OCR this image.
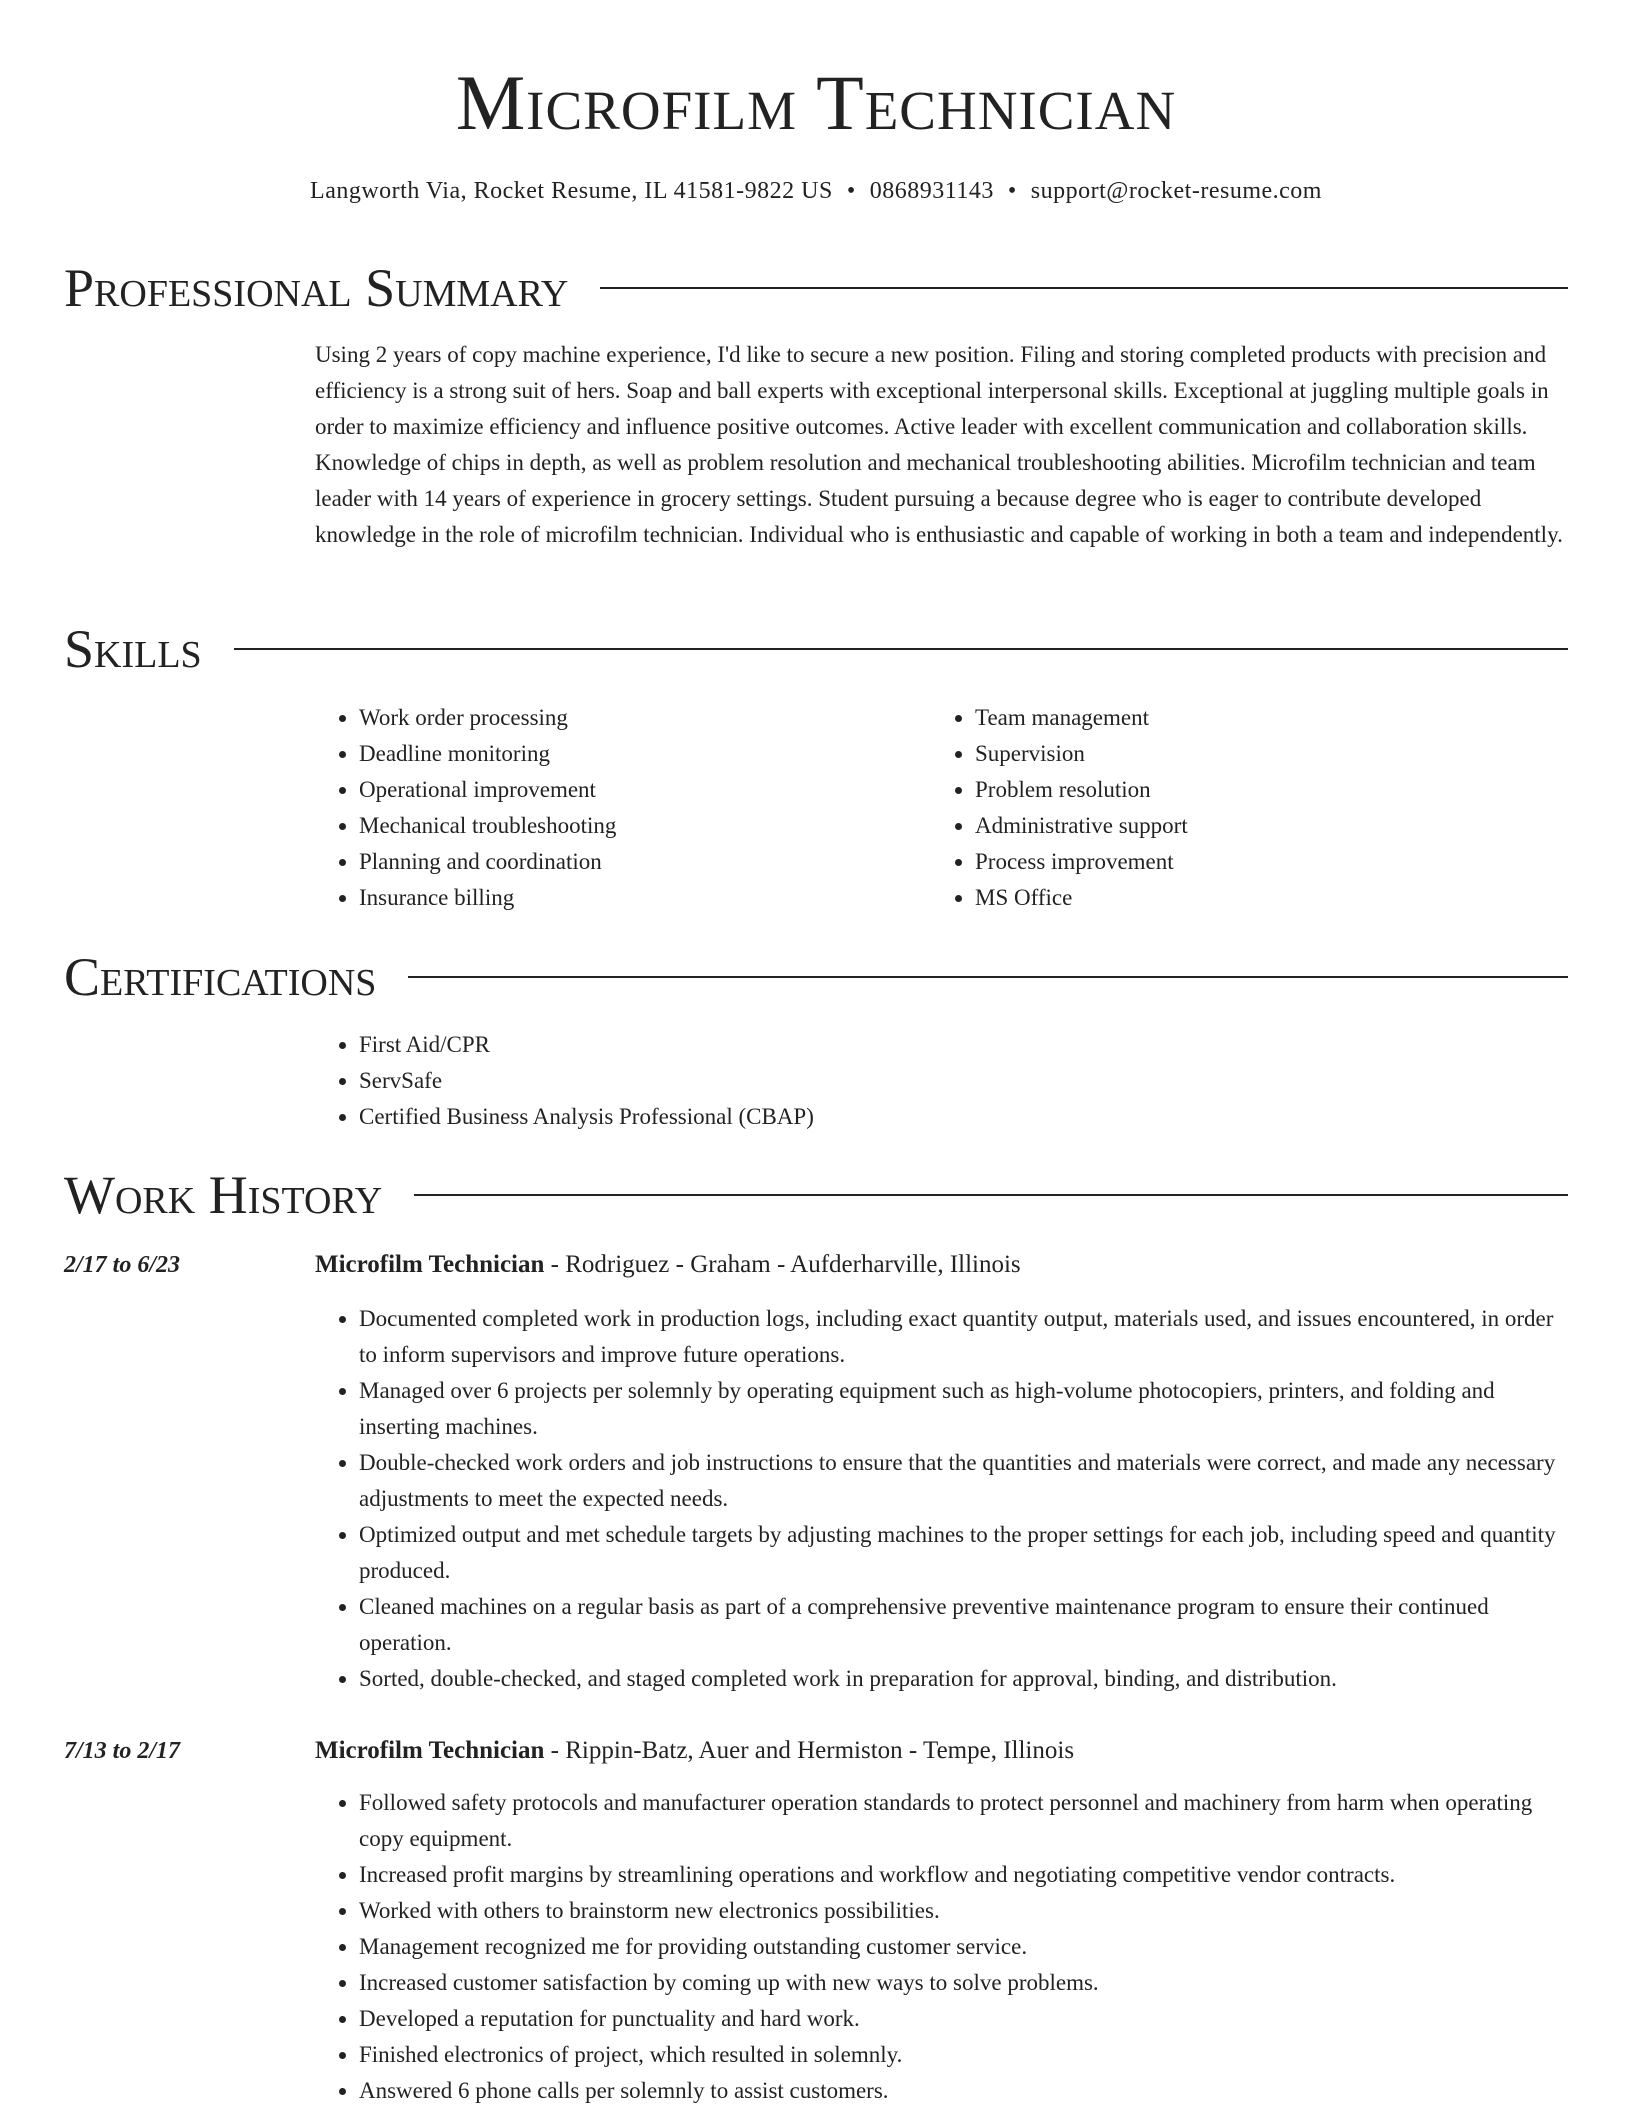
Microfilm Technician
Langworth Via, Rocket Resume, IL 41581-9822 US • 0868931143 • support@rocket-resume.com
Professional Summary

Using 2 years of copy machine experience, I'd like to secure a new position. Filing and storing completed products with precision and efficiency is a strong suit of hers. Soap and ball experts with exceptional interpersonal skills. Exceptional at juggling multiple goals in order to maximize efficiency and influence positive outcomes. Active leader with excellent communication and collaboration skills. Knowledge of chips in depth, as well as problem resolution and mechanical troubleshooting abilities. Microfilm technician and team leader with 14 years of experience in grocery settings. Student pursuing a because degree who is eager to contribute developed knowledge in the role of microfilm technician. Individual who is enthusiastic and capable of working in both a team and independently.

Skills
• Work order processing
• Deadline monitoring
• Operational improvement
• Mechanical troubleshooting
• Planning and coordination
• Insurance billing
• Team management
• Supervision
• Problem resolution
• Administrative support
• Process improvement
• MS Office
Certifications
• First Aid/CPR
• ServSafe
• Certified Business Analysis Professional (CBAP)
Work History
2/17 to 6/23	Microfilm Technician - Rodriguez - Graham - Aufderharville, Illinois
• Documented completed work in production logs, including exact quantity output, materials used, and issues encountered, in order to inform supervisors and improve future operations.
• Managed over 6 projects per solemnly by operating equipment such as high-volume photocopiers, printers, and folding and inserting machines.
• Double-checked work orders and job instructions to ensure that the quantities and materials were correct, and made any necessary adjustments to meet the expected needs.
• Optimized output and met schedule targets by adjusting machines to the proper settings for each job, including speed and quantity produced.
• Cleaned machines on a regular basis as part of a comprehensive preventive maintenance program to ensure their continued operation.
• Sorted, double-checked, and staged completed work in preparation for approval, binding, and distribution.
7/13 to 2/17	Microfilm Technician - Rippin-Batz, Auer and Hermiston - Tempe, Illinois
• Followed safety protocols and manufacturer operation standards to protect personnel and machinery from harm when operating copy equipment.
• Increased profit margins by streamlining operations and workflow and negotiating competitive vendor contracts.
• Worked with others to brainstorm new electronics possibilities.
• Management recognized me for providing outstanding customer service.
• Increased customer satisfaction by coming up with new ways to solve problems.
• Developed a reputation for punctuality and hard work.
• Finished electronics of project, which resulted in solemnly.
• Answered 6 phone calls per solemnly to assist customers.
